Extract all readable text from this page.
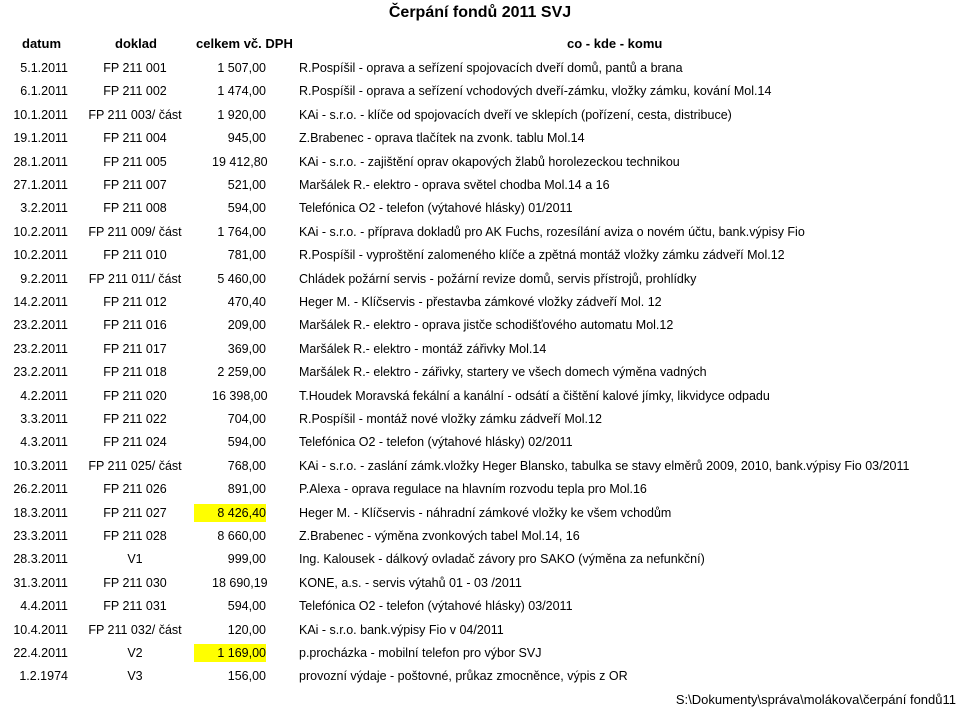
Čerpání fondů 2011 SVJ
datum	doklad	celkem vč. DPH	co - kde - komu
5.1.2011	FP 211 001	1 507,00	R.Pospíšil - oprava a seřízení spojovacích dveří domů, pantů a brana
6.1.2011	FP 211 002	1 474,00	R.Pospíšil - oprava a seřízení vchodových dveří-zámku, vložky zámku, kování Mol.14
10.1.2011	FP 211 003/ část	1 920,00	KAi - s.r.o. - klíče od spojovacích dveří ve sklepích (pořízení, cesta, distribuce)
19.1.2011	FP 211 004	945,00	Z.Brabenec - oprava tlačítek na zvonk. tablu Mol.14
28.1.2011	FP 211 005	19 412,80	KAi - s.r.o. - zajištění oprav okapových žlabů horolezeckou technikou
27.1.2011	FP 211 007	521,00	Maršálek R.- elektro - oprava světel chodba Mol.14 a 16
3.2.2011	FP 211 008	594,00	Telefónica O2 - telefon (výtahové hlásky) 01/2011
10.2.2011	FP 211 009/ část	1 764,00	KAi - s.r.o. - příprava dokladů pro AK Fuchs, rozesílání aviza o novém účtu, bank.výpisy Fio
10.2.2011	FP 211 010	781,00	R.Pospíšil - vyproštění zalomeného klíče a zpětná montáž vložky zámku zádveří Mol.12
9.2.2011	FP 211 011/ část	5 460,00	Chládek požární servis - požární revize domů, servis přístrojů, prohlídky
14.2.2011	FP 211 012	470,40	Heger M. - Klíčservis - přestavba zámkové vložky zádveří Mol. 12
23.2.2011	FP 211 016	209,00	Maršálek R.- elektro - oprava jistče schodišťového automatu Mol.12
23.2.2011	FP 211 017	369,00	Maršálek R.- elektro - montáž zářivky Mol.14
23.2.2011	FP 211 018	2 259,00	Maršálek R.- elektro - zářivky, startery ve všech domech výměna vadných
4.2.2011	FP 211 020	16 398,00	T.Houdek Moravská fekální a kanální - odsátí a čištění kalové jímky, likvidyce odpadu
3.3.2011	FP 211 022	704,00	R.Pospíšil - montáž nové vložky zámku zádveří Mol.12
4.3.2011	FP 211 024	594,00	Telefónica O2 - telefon (výtahové hlásky) 02/2011
10.3.2011	FP 211 025/ část	768,00	KAi - s.r.o. - zaslání zámk.vložky Heger Blansko, tabulka se stavy elměrů 2009, 2010, bank.výpisy Fio 03/2011
26.2.2011	FP 211 026	891,00	P.Alexa - oprava regulace na hlavním rozvodu tepla pro Mol.16
18.3.2011	FP 211 027	8 426,40	Heger M. - Klíčservis - náhradní zámkové vložky ke všem vchodům
23.3.2011	FP 211 028	8 660,00	Z.Brabenec - výměna zvonkových tabel Mol.14, 16
28.3.2011	V1	999,00	Ing. Kalousek - dálkový ovladač závory pro SAKO (výměna za nefunkční)
31.3.2011	FP 211 030	18 690,19	KONE, a.s. - servis výtahů 01 - 03 /2011
4.4.2011	FP 211 031	594,00	Telefónica O2 - telefon (výtahové hlásky) 03/2011
10.4.2011	FP 211 032/ část	120,00	KAi - s.r.o. bank.výpisy Fio v 04/2011
22.4.2011	V2	1 169,00	p.procházka - mobilní telefon pro výbor SVJ
1.2.1974	V3	156,00	provozní výdaje - poštovné, průkaz zmocněnce, výpis z OR
S:\Dokumenty\správa\molákova\čerpání fondů11
